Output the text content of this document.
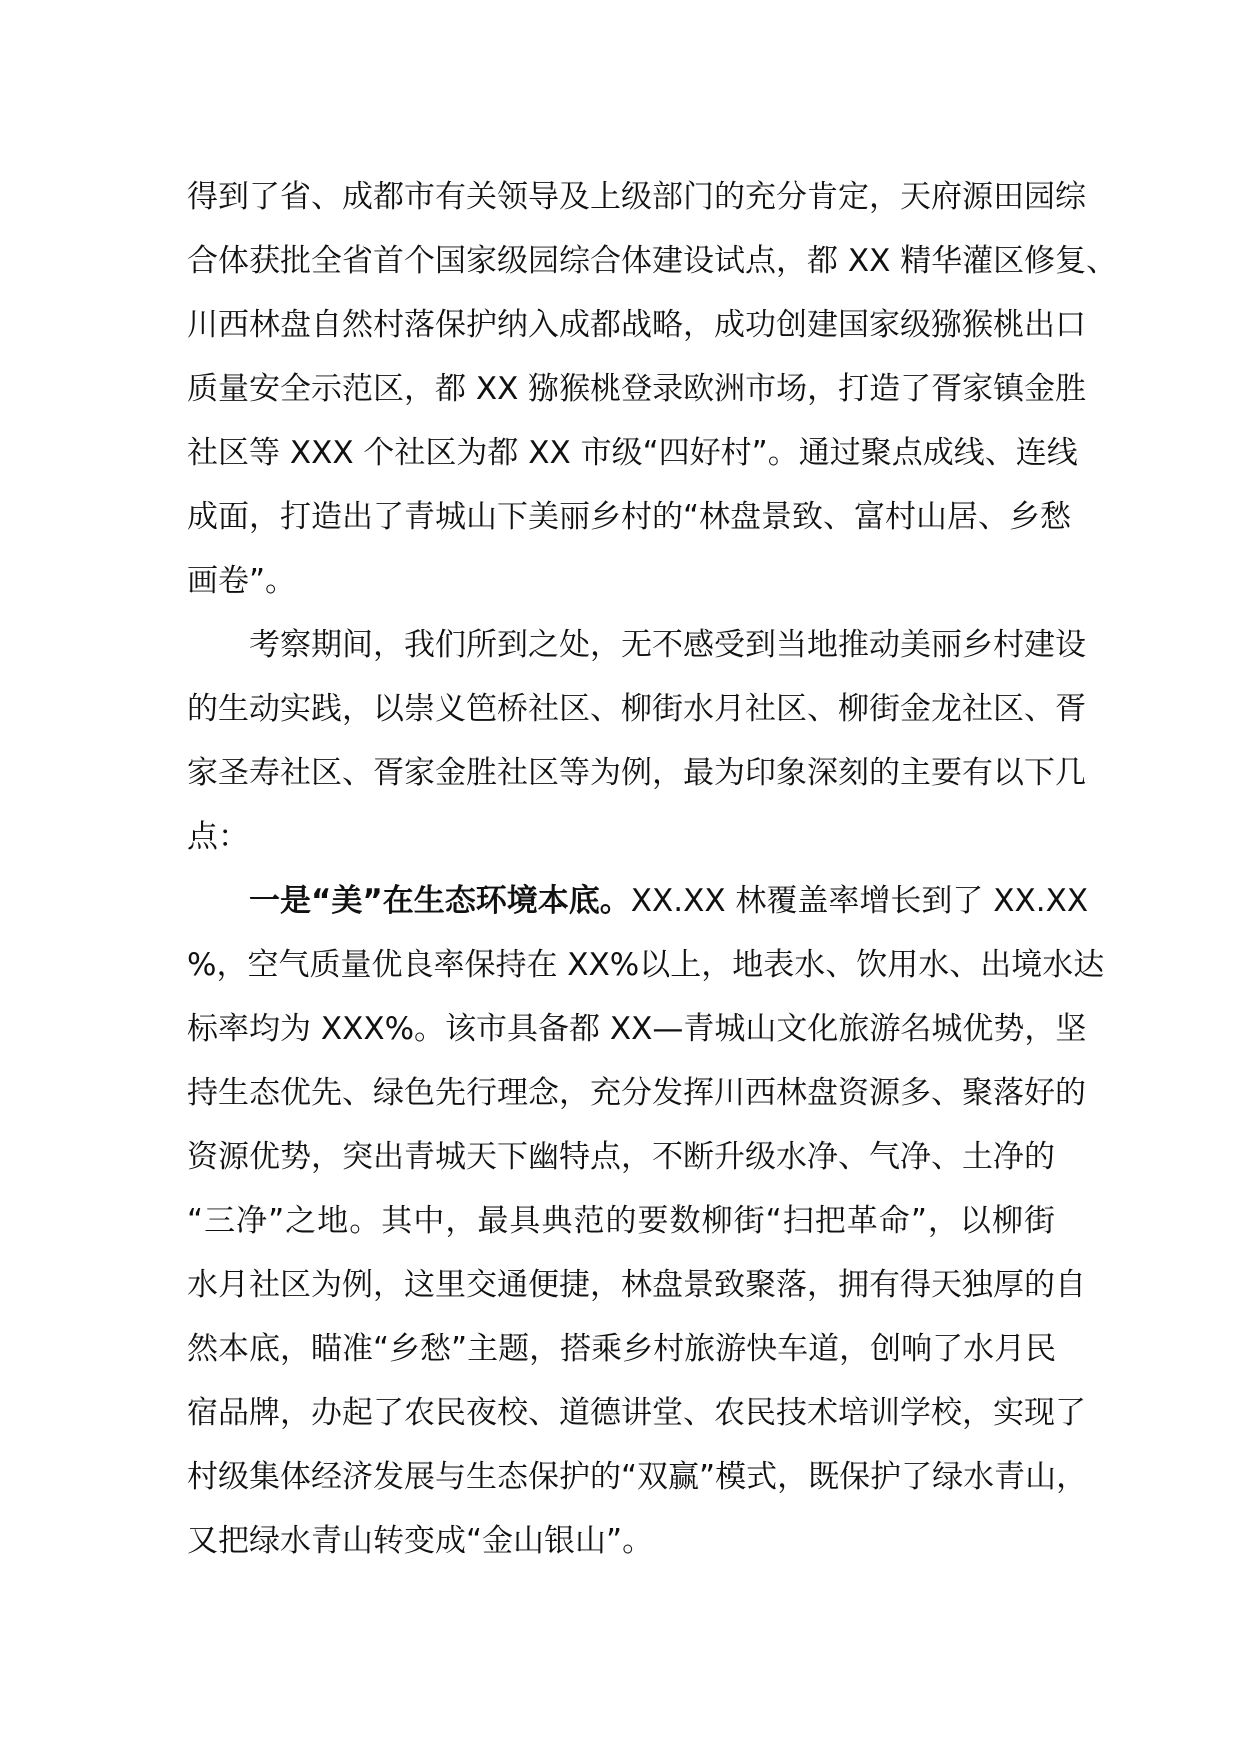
得到了省、成都市有关领导及上级部门的充分肯定，天府源田园综
合体获批全省首个国家级园综合体建设试点，都 XX 精华灌区修复、
川西林盘自然村落保护纳入成都战略，成功创建国家级猕猴桃出口
质量安全示范区，都 XX 猕猴桃登录欧洲市场，打造了胥家镇金胜
社区等 XXX 个社区为都 XX 市级“四好村”。通过聚点成线、连线
成面，打造出了青城山下美丽乡村的“林盘景致、富村山居、乡愁
画卷”。
考察期间，我们所到之处，无不感受到当地推动美丽乡村建设
的生动实践，以崇义笆桥社区、柳街水月社区、柳街金龙社区、胥
家圣寿社区、胥家金胜社区等为例，最为印象深刻的主要有以下几
点：
一是“美”在生态环境本底。XX.XX 林覆盖率增长到了 XX.XX
%，空气质量优良率保持在 XX%以上，地表水、饮用水、出境水达
标率均为 XXX%。该市具备都 XX—青城山文化旅游名城优势，坚
持生态优先、绿色先行理念，充分发挥川西林盘资源多、聚落好的
资源优势，突出青城天下幽特点，不断升级水净、气净、土净的
“三净”之地。其中，最具典范的要数柳街“扫把革命”，以柳街
水月社区为例，这里交通便捷，林盘景致聚落，拥有得天独厚的自
然本底，瞄准“乡愁”主题，搭乘乡村旅游快车道，创响了水月民
宿品牌，办起了农民夜校、道德讲堂、农民技术培训学校，实现了
村级集体经济发展与生态保护的“双赢”模式，既保护了绿水青山，
又把绿水青山转变成“金山银山”。
